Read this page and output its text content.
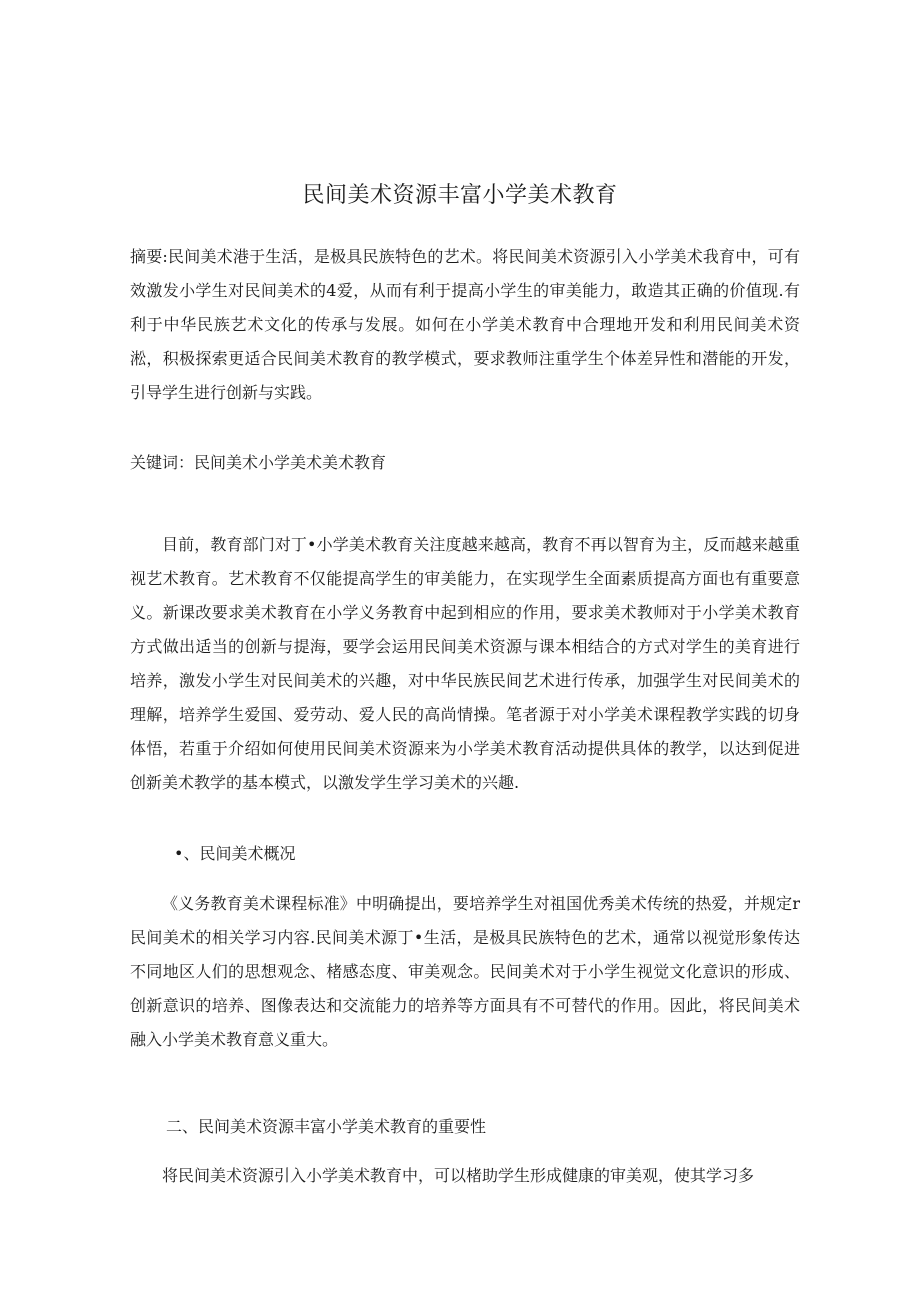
民间美术资源丰富小学美术教育

摘要:民间美术港于生活，是极具民族特色的艺术。将民间美术资源引入小学美术我育中，可有效激发小学生对民间美术的4爱，从而有利于提高小学生的审美能力，敢造其正确的价值现.有利于中华民族艺术文化的传承与发展。如何在小学美术教育中合理地开发和利用民间美术资淞，积极探索更适合民间美术教育的教学模式，要求教师注重学生个体差异性和潜能的开发，引导学生进行创新与实践。

关键词：民间美术小学美术美术教育

目前，教育部门对丁•小学美术教育关注度越来越高，教育不再以智育为主，反而越来越重视艺术教育。艺术教育不仅能提高学生的审美能力，在实现学生全面素质提高方面也有重要意义。新课改要求美术教育在小学义务教育中起到相应的作用，要求美术教师对于小学美术教育方式做出适当的创新与提海，要学会运用民间美术资源与课本相结合的方式对学生的美育进行培养，激发小学生对民间美术的兴趣，对中华民族民间艺术进行传承，加强学生对民间美术的理解，培养学生爱国、爱劳动、爱人民的高尚情操。笔者源于对小学美术课程教学实践的切身体悟，若重于介绍如何使用民间美术资源来为小学美术教育活动提供具体的教学，以达到促进创新美术教学的基本模式，以激发学生学习美术的兴趣.

•、民间美术概况

《义务教育美术课程标准》中明确提出，要培养学生对祖国优秀美术传统的热爱，并规定r民间美术的相关学习内容.民间美术源丁•生活，是极具民族特色的艺术，通常以视觉形象传达不同地区人们的思想观念、楮感态度、审美观念。民间美术对于小学生视觉文化意识的形成、创新意识的培养、图像表达和交流能力的培养等方面具有不可替代的作用。因此，将民间美术融入小学美术教育意义重大。

二、民间美术资源丰富小学美术教育的重要性

将民间美术资源引入小学美术教育中，可以楮助学生形成健康的审美观，使其学习多
